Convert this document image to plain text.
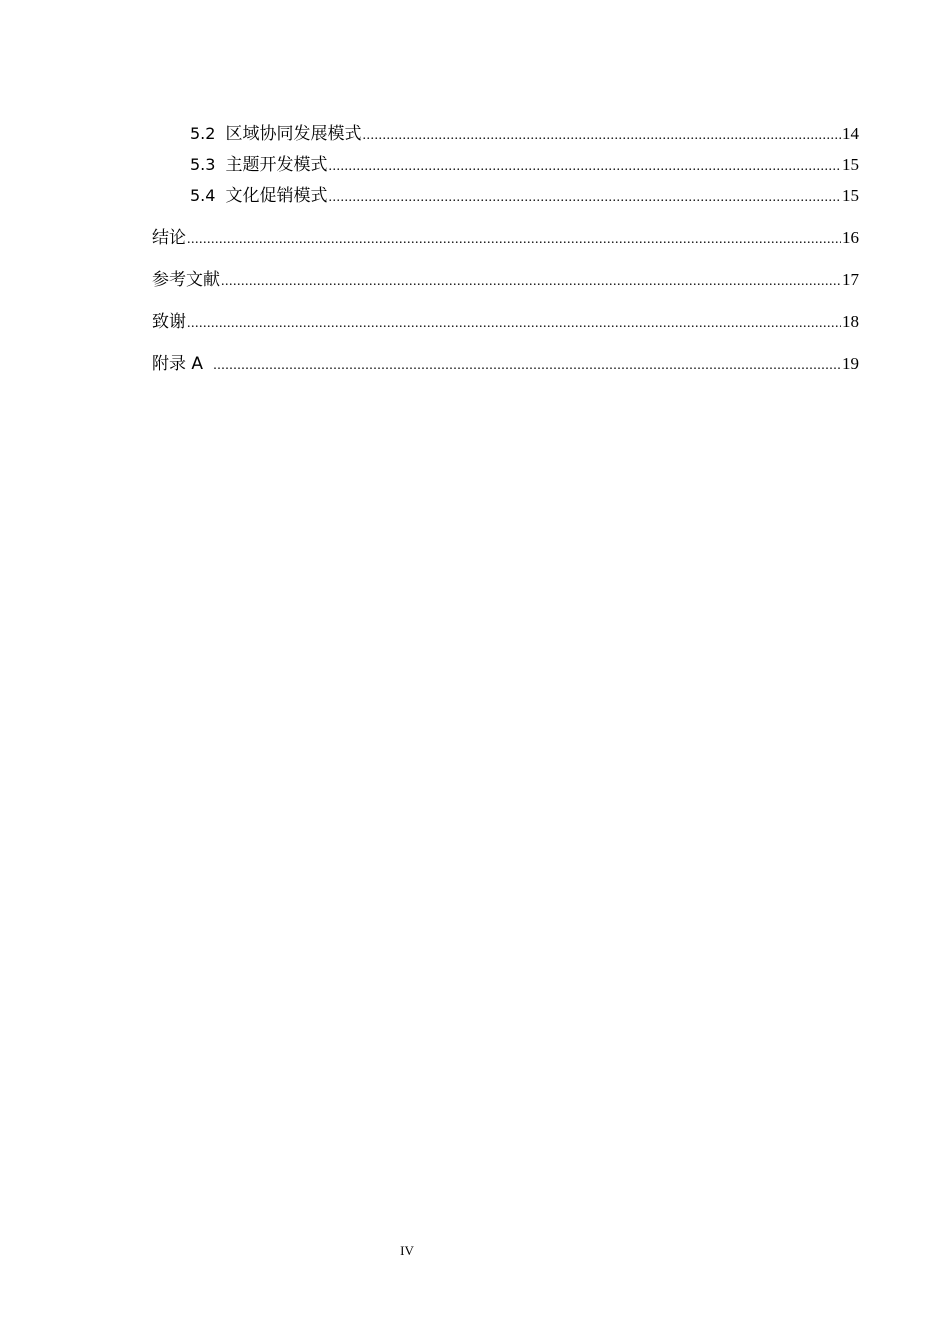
5.2 区域协同发展模式 .....	14
5.3 主题开发模式 .....	15
5.4 文化促销模式 .....	15
结论 .....	16
参考文献 .....	17
致谢 .....	18
附录 A .....	19
IV
